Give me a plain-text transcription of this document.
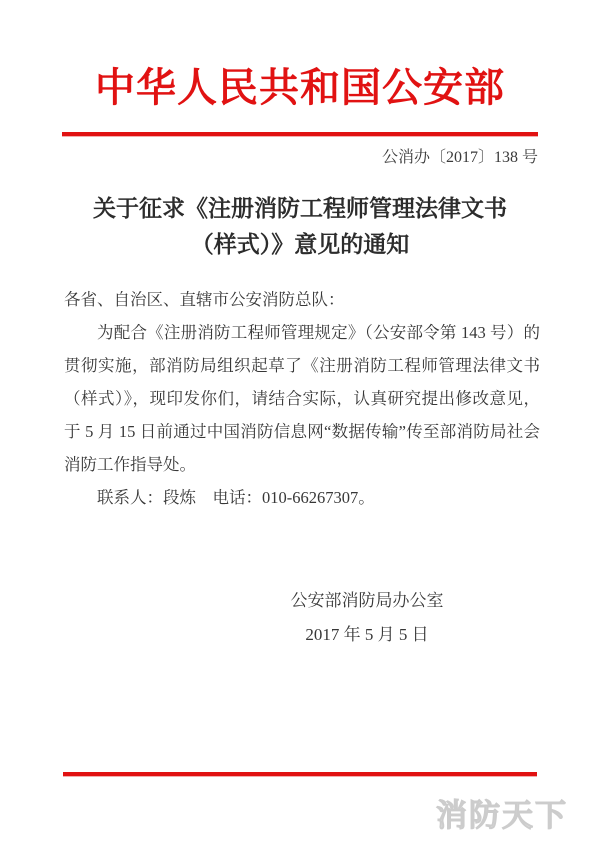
中华人民共和国公安部
公消办〔2017〕138 号
关于征求《注册消防工程师管理法律文书
（样式）》意见的通知

各省、自治区、直辖市公安消防总队：

为配合《注册消防工程师管理规定》（公安部令第 143 号）的贯彻实施，部消防局组织起草了《注册消防工程师管理法律文书（样式）》，现印发你们，请结合实际，认真研究提出修改意见，于 5 月 15 日前通过中国消防信息网“数据传输”传至部消防局社会消防工作指导处。

联系人：段炼　电话：010-66267307。

公安部消防局办公室
2017 年 5 月 5 日
消防天下
